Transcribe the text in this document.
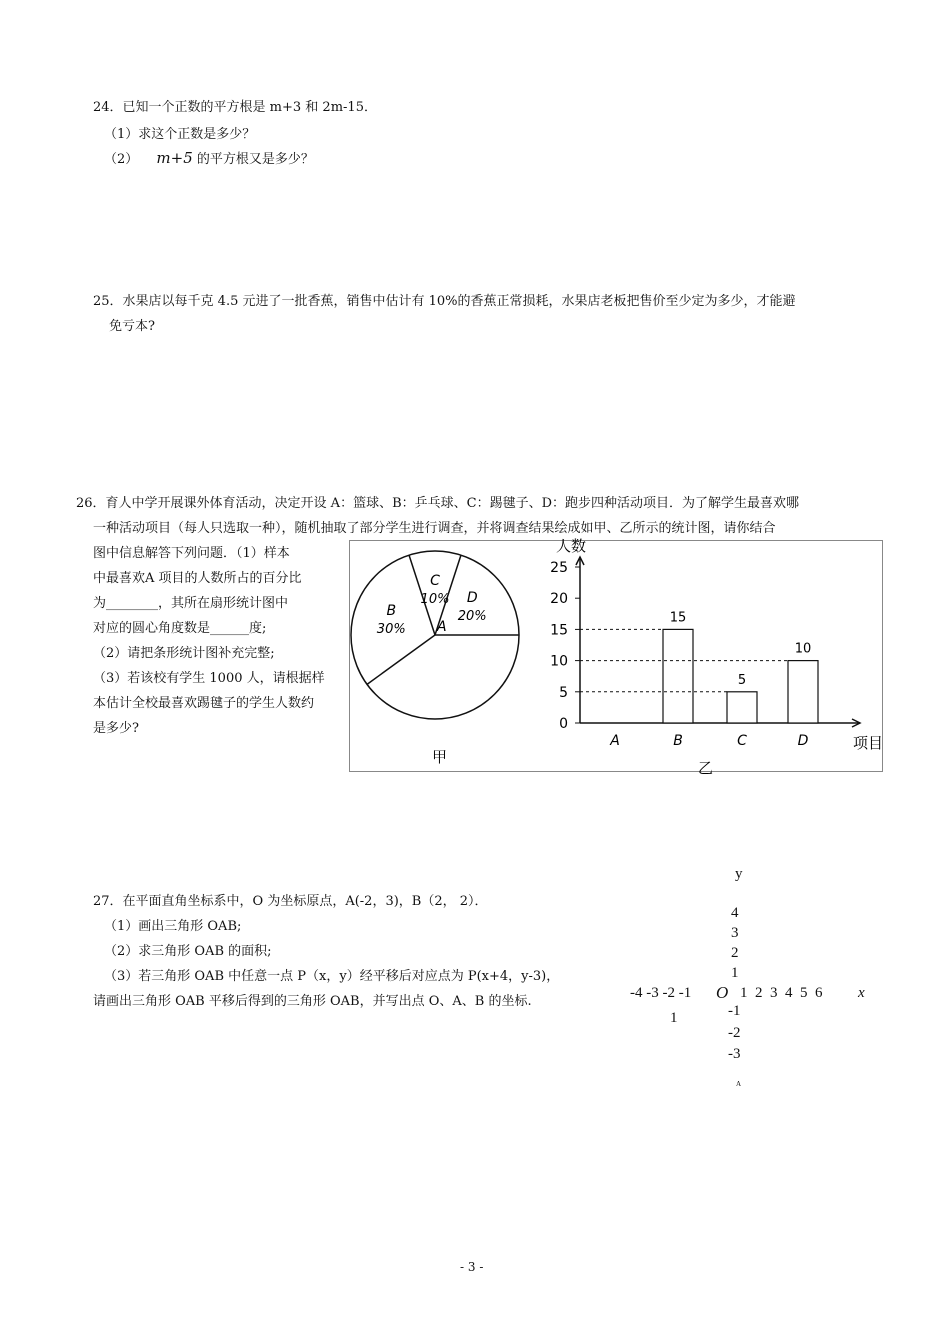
24．已知一个正数的平方根是 m+3 和 2m-15．
（1）求这个正数是多少？
（2） m+5 的平方根又是多少？
25．水果店以每千克 4.5 元进了一批香蕉，销售中估计有 10%的香蕉正常损耗，水果店老板把售价至少定为多少，才能避
免亏本?
26．育人中学开展课外体育活动，决定开设 A：篮球、B：乒乓球、C：踢毽子、D：跑步四种活动项目．为了解学生最喜欢哪
一种活动项目（每人只选取一种），随机抽取了部分学生进行调查，并将调查结果绘成如甲、乙所示的统计图，请你结合
图中信息解答下列问题．（1）样本
中最喜欢A 项目的人数所占的百分比
为________，其所在扇形统计图中
对应的圆心角度数是______度;
（2）请把条形统计图补充完整;
（3）若该校有学生 1000 人，请根据样
本估计全校最喜欢踢毽子的学生人数约
是多少?
A
B
30%
C
10% D
20%
甲
人数
0
5
10
15
20
25
A	B
15
C
5
D
10
项目
乙
27．在平面直角坐标系中，O 为坐标原点，A(-2，3)，B（2， 2）．
（1）画出三角形 OAB;
（2）求三角形 OAB 的面积;
（3）若三角形 OAB 中任意一点 P（x，y）经平移后对应点为 P(x+4，y-3)，
请画出三角形 OAB 平移后得到的三角形 OAB，并写出点 O、A、B 的坐标.
y
4
3
2
1
-4 -3 -2 -1 O 1  2  3  4  5  6 x
1	-1
-2
-3
A
- 3 -
